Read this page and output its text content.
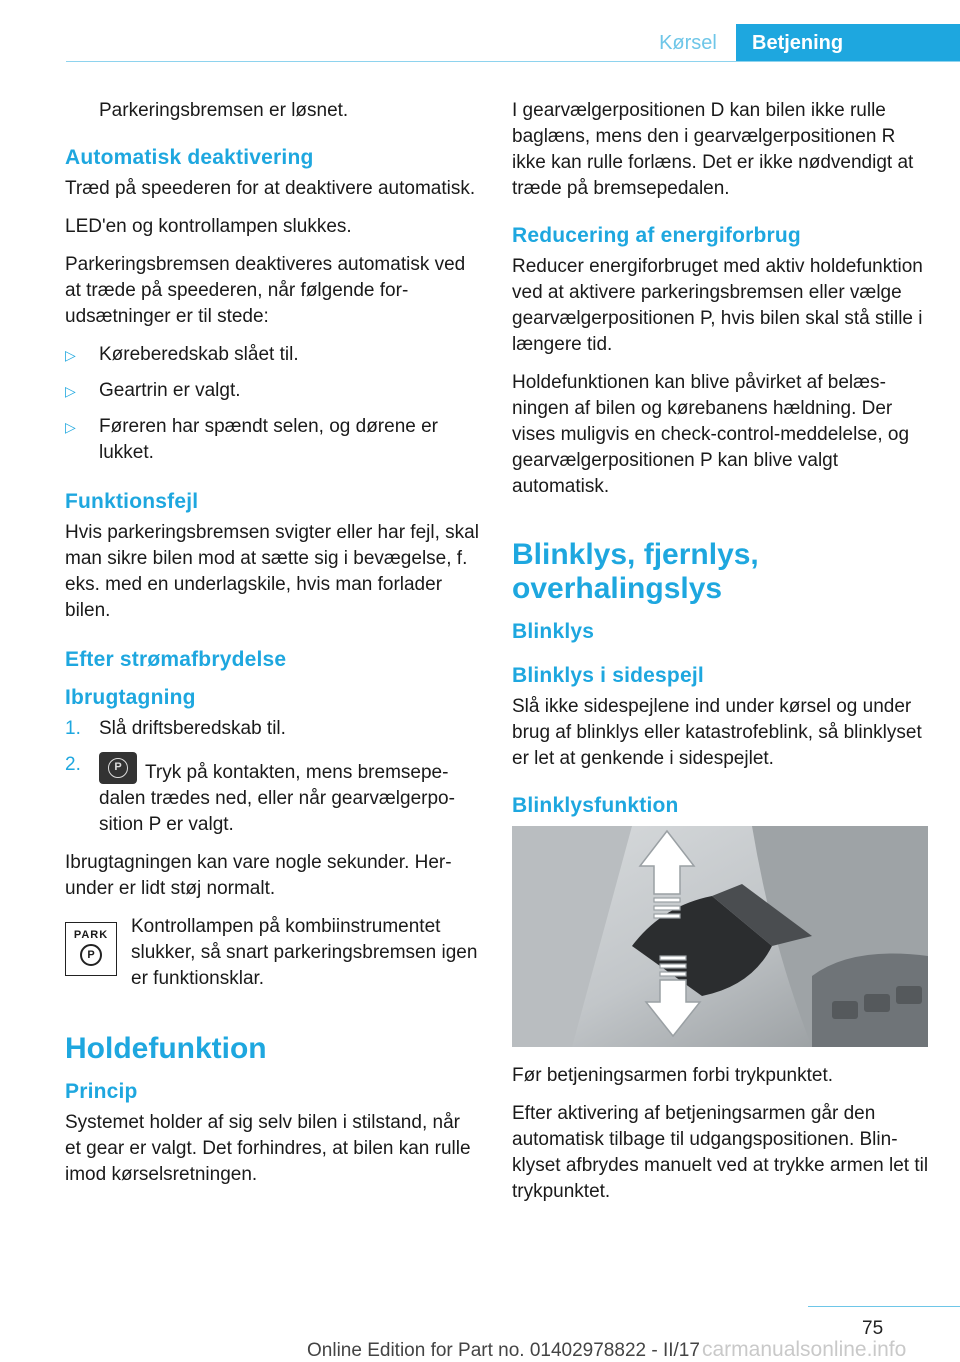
Kørsel	Betjening

Parkeringsbremsen er løsnet.

Automatisk deaktivering

Træd på speederen for at deaktivere automatisk.

LED'en og kontrollampen slukkes.

Parkeringsbremsen deaktiveres automatisk ved at træde på speederen, når følgende forudsætninger er til stede:

▷ Køreberedskab slået til.
▷ Geartrin er valgt.
▷ Føreren har spændt selen, og dørene er lukket.
Funktionsfejl

Hvis parkeringsbremsen svigter eller har fejl, skal man sikre bilen mod at sætte sig i bevægelse, f. eks. med en underlagskile, hvis man forlader bilen.

Efter strømafbrydelse
Ibrugtagning
1. Slå driftsberedskab til.
2.	P	Tryk på kontakten, mens bremsepedalen trædes ned, eller når gearvælgerposition P er valgt.

Ibrugtagningen kan vare nogle sekunder. Herunder er lidt støj normalt.

PARK
P
Kontrollampen på kombiinstrumentet slukker, så snart parkeringsbremsen igen er funktionsklar.
Holdefunktion
Princip

Systemet holder af sig selv bilen i stilstand, når et gear er valgt. Det forhindres, at bilen kan rulle imod kørselsretningen.

I gearvælgerpositionen D kan bilen ikke rulle baglæns, mens den i gearvælgerpositionen R ikke kan rulle forlæns. Det er ikke nødvendigt at træde på bremsepedalen.

Reducering af energiforbrug

Reducer energiforbruget med aktiv holdefunktion ved at aktivere parkeringsbremsen eller vælge gearvælgerpositionen P, hvis bilen skal stå stille i længere tid.

Holdefunktionen kan blive påvirket af belæsningen af bilen og kørebanens hældning. Der vises muligvis en check-control-meddelelse, og gearvælgerpositionen P kan blive valgt automatisk.

Blinklys, fjernlys, overhalingslys
Blinklys
Blinklys i sidespejl

Slå ikke sidespejlene ind under kørsel og under brug af blinklys eller katastrofeblink, så blinklyset er let at genkende i sidespejlet.

Blinklysfunktion

Før betjeningsarmen forbi trykpunktet.

Efter aktivering af betjeningsarmen går den automatisk tilbage til udgangspositionen. Blinklyset afbrydes manuelt ved at trykke armen let til trykpunktet.

75
Online Edition for Part no. 01402978822 - II/17 carmanualsonline.info
